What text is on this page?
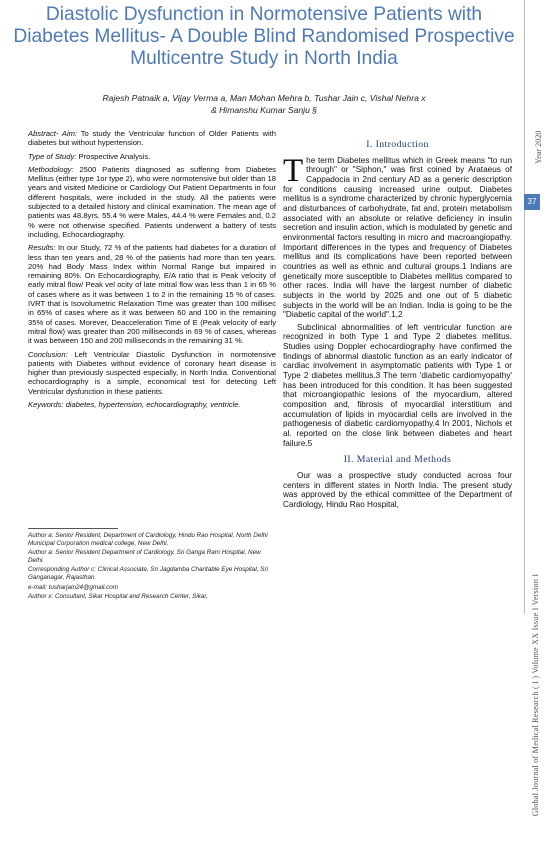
Diastolic Dysfunction in Normotensive Patients with Diabetes Mellitus- A Double Blind Randomised Prospective Multicentre Study in North India
Rajesh Patnaik a, Vijay Verma a, Man Mohan Mehra b, Tushar Jain c, Vishal Nehra x
& Himanshu Kumar Sanju §

Abstract- Aim: To study the Ventricular function of Older Patients with diabetes but without hypertension.

Type of Study: Prospective Analysis.

Methodology: 2500 Patients diagnosed as suffering from Diabetes Mellitus (either type 1or type 2), who were normotensive but older than 18 years and visited Medicine or Cardiology Out Patient Departments in four different hospitals, were included in the study. All the patients were subjected to a detailed history and clinical examination. The mean age of patients was 48.8yrs. 55.4 % were Males, 44.4 % were Females and, 0.2 % were not otherwise specified. Patients underwent a battery of tests including, Echocardiography.

Results: In our Study, 72 % of the patients had diabetes for a duration of less than ten years and, 28 % of the patients had more than ten years. 20% had Body Mass Index within Normal Range but impaired in remaining 80%. On Echocardiography, E/A ratio that is Peak velocity of early mitral flow/ Peak vel ocity of late mitral flow was less than 1 in 65 % of cases where as it was between 1 to 2 in the remaining 15 % of cases. IVRT that is Isovolumetric Relaxation Time was greater than 100 millisec in 65% of cases where as it was between 60 and 100 in the remaining 35% of cases. Morever, Deacceleration Time of E (Peak velocity of early mitral flow) was greater than 200 milliseconds in 69 % of cases, whereas it was between 150 and 200 milliseconds in the remaining 31 %.

Conclusion: Left Ventricular Diastolic Dysfunction in normotensive patients with Diabetes without evidence of coronary heart disease is higher than previously suspected especially, in North India. Conventional echocardiography is a simple, economical test for detecting Left Ventricular dysfunction in these patients.

Keywords: diabetes, hypertension, echocardiography, ventricle.

Author a: Senior Resident, Department of Cardiology, Hindu Rao Hospital, North Delhi Municipal Corporation medical college, New Delhi.

Author a: Senior Resident Department of Cardiology, Sri Ganga Ram Hospital, New Delhi.

Corresponding Author c: Clinical Associate, Sri Jagdamba Charitable Eye Hospital, Sri Ganganagar, Rajasthan.

e-mail: tusharjain24@gmail.com

Author x: Consultant, Sikar Hospital and Research Center, Sikar,

I. Introduction

The term Diabetes mellitus which in Greek means "to run through" or "Siphon," was first coined by Arataeus of Cappadocia in 2nd century AD as a generic description for conditions causing increased urine output. Diabetes mellitus is a syndrome characterized by chronic hyperglycemia and disturbances of carbohydrate, fat and, protein metabolism associated with an absolute or relative deficiency in insulin secretion and insulin action, which is modulated by genetic and environmental factors resulting in micro and macroangiopathy. Important differences in the types and frequency of Diabetes mellitus and its complications have been reported between countries as well as ethnic and cultural groups.1 Indians are genetically more susceptible to Diabetes mellitus compared to other races. India will have the largest number of diabetic subjects in the world by 2025 and one out of 5 diabetic subjects in the world will be an Indian. India is going to be the "Diabetic capital of the world".1,2

Subclinical abnormalities of left ventricular function are recognized in both Type 1 and Type 2 diabetes mellitus. Studies using Doppler echocardiography have confirmed the findings of abnormal diastolic function as an early indicator of cardiac involvement in asymptomatic patients with Type 1 or Type 2 diabetes mellitus.3 The term 'diabetic cardiomyopathy' has been introduced for this condition. It has been suggested that microangiopathic lesions of the myocardium, altered composition and, fibrosis of myocardial interstitium and accumulation of lipids in myocardial cells are involved in the pathogenesis of diabetic cardiomyopathy.4 In 2001, Nichols et al. reported on the close link between diabetes and heart failure.5

II. Material and Methods

Our was a prospective study conducted across four centers in different states in North India. The present study was approved by the ethical committee of the Department of Cardiology, Hindu Rao Hospital,

Year 2020
37
Global Journal of Medical Research ( I ) Volume XX Issue I Version I
